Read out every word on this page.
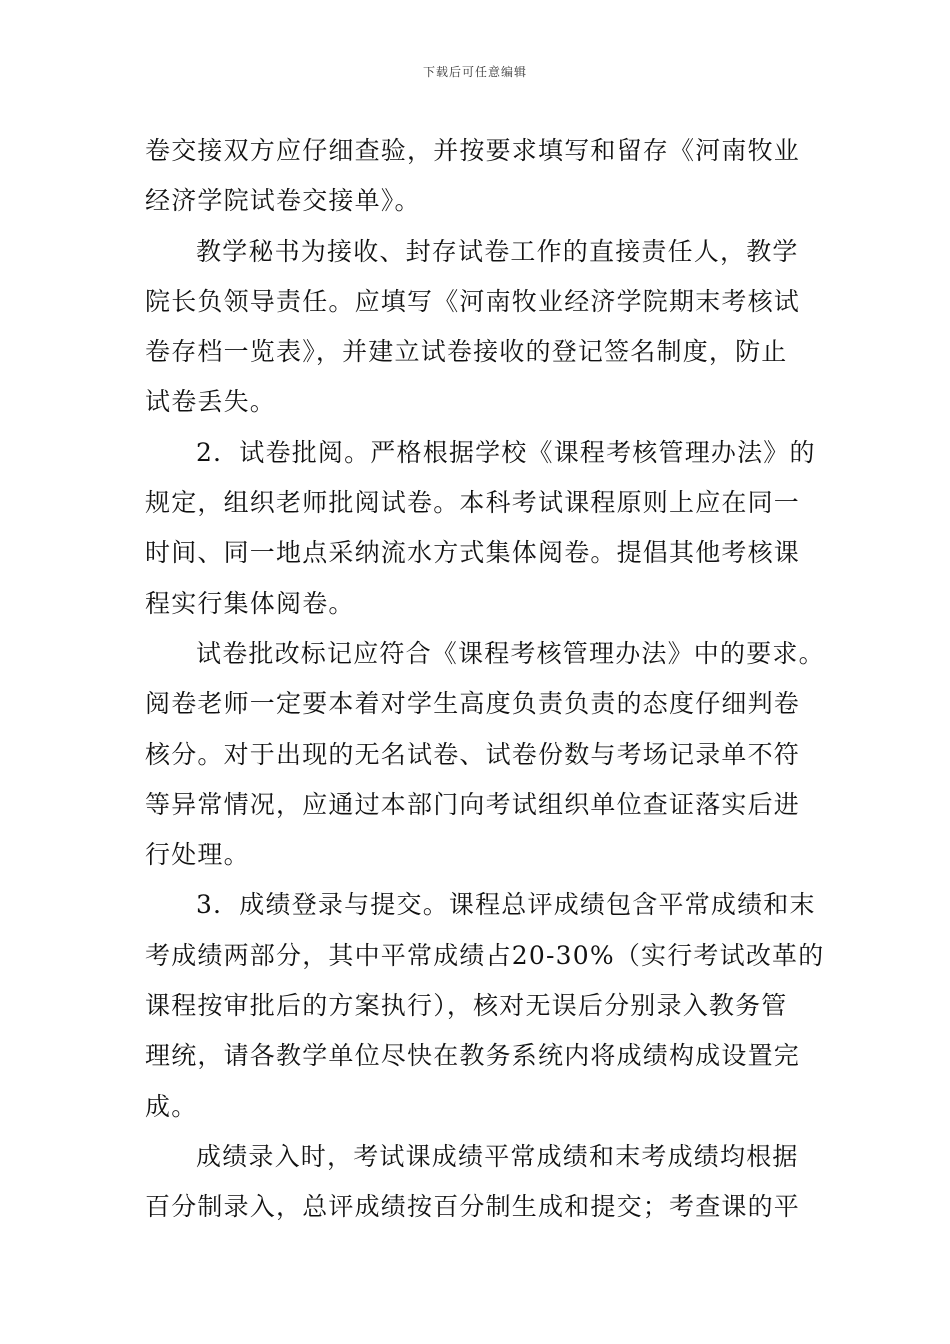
下载后可任意编辑
卷交接双方应仔细查验，并按要求填写和留存《河南牧业
经济学院试卷交接单》。
教学秘书为接收、封存试卷工作的直接责任人，教学
院长负领导责任。应填写《河南牧业经济学院期末考核试
卷存档一览表》，并建立试卷接收的登记签名制度，防止
试卷丢失。
2．试卷批阅。严格根据学校《课程考核管理办法》的
规定，组织老师批阅试卷。本科考试课程原则上应在同一
时间、同一地点采纳流水方式集体阅卷。提倡其他考核课
程实行集体阅卷。
试卷批改标记应符合《课程考核管理办法》中的要求。
阅卷老师一定要本着对学生高度负责负责的态度仔细判卷
核分。对于出现的无名试卷、试卷份数与考场记录单不符
等异常情况，应通过本部门向考试组织单位查证落实后进
行处理。
3．成绩登录与提交。课程总评成绩包含平常成绩和末
考成绩两部分，其中平常成绩占20-30%（实行考试改革的
课程按审批后的方案执行），核对无误后分别录入教务管
理统，请各教学单位尽快在教务系统内将成绩构成设置完
成。
成绩录入时，考试课成绩平常成绩和末考成绩均根据
百分制录入，总评成绩按百分制生成和提交；考查课的平
